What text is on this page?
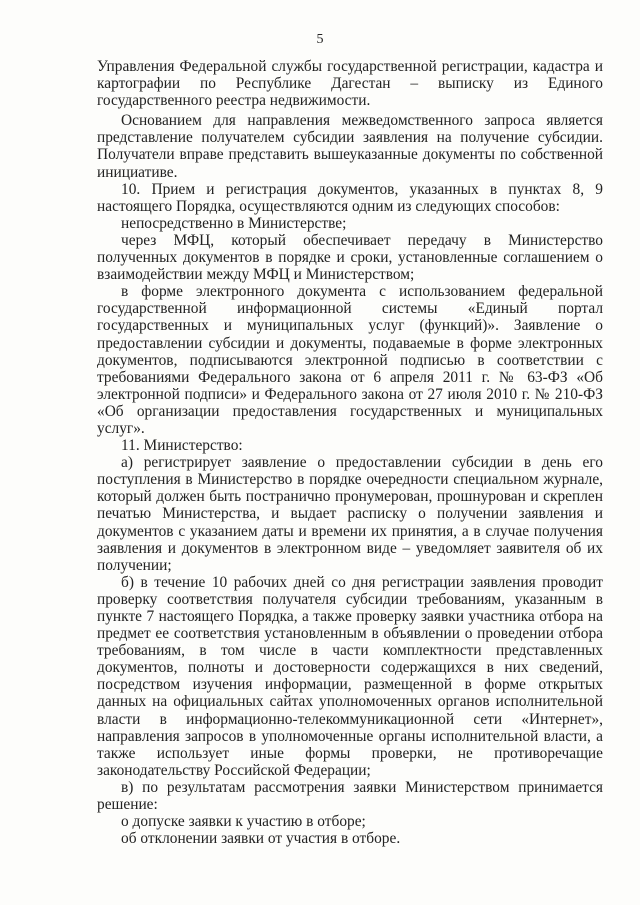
5

Управления Федеральной службы государственной регистрации, кадастра и картографии по Республике Дагестан – выписку из Единого государственного реестра недвижимости.

Основанием для направления межведомственного запроса является представление получателем субсидии заявления на получение субсидии. Получатели вправе представить вышеуказанные документы по собственной инициативе.

10. Прием и регистрация документов, указанных в пунктах 8, 9 настоящего Порядка, осуществляются одним из следующих способов:

непосредственно в Министерстве;

через МФЦ, который обеспечивает передачу в Министерство полученных документов в порядке и сроки, установленные соглашением о взаимодействии между МФЦ и Министерством;

в форме электронного документа с использованием федеральной государственной информационной системы «Единый портал государственных и муниципальных услуг (функций)». Заявление о предоставлении субсидии и документы, подаваемые в форме электронных документов, подписываются электронной подписью в соответствии с требованиями Федерального закона от 6 апреля 2011 г. № 63-ФЗ «Об электронной подписи» и Федерального закона от 27 июля 2010 г. № 210-ФЗ «Об организации предоставления государственных и муниципальных услуг».

11. Министерство:

а) регистрирует заявление о предоставлении субсидии в день его поступления в Министерство в порядке очередности специальном журнале, который должен быть постранично пронумерован, прошнурован и скреплен печатью Министерства, и выдает расписку о получении заявления и документов с указанием даты и времени их принятия, а в случае получения заявления и документов в электронном виде – уведомляет заявителя об их получении;

б) в течение 10 рабочих дней со дня регистрации заявления проводит проверку соответствия получателя субсидии требованиям, указанным в пункте 7 настоящего Порядка, а также проверку заявки участника отбора на предмет ее соответствия установленным в объявлении о проведении отбора требованиям, в том числе в части комплектности представленных документов, полноты и достоверности содержащихся в них сведений, посредством изучения информации, размещенной в форме открытых данных на официальных сайтах уполномоченных органов исполнительной власти в информационно-телекоммуникационной сети «Интернет», направления запросов в уполномоченные органы исполнительной власти, а также использует иные формы проверки, не противоречащие законодательству Российской Федерации;

в) по результатам рассмотрения заявки Министерством принимается решение:

о допуске заявки к участию в отборе;

об отклонении заявки от участия в отборе.
